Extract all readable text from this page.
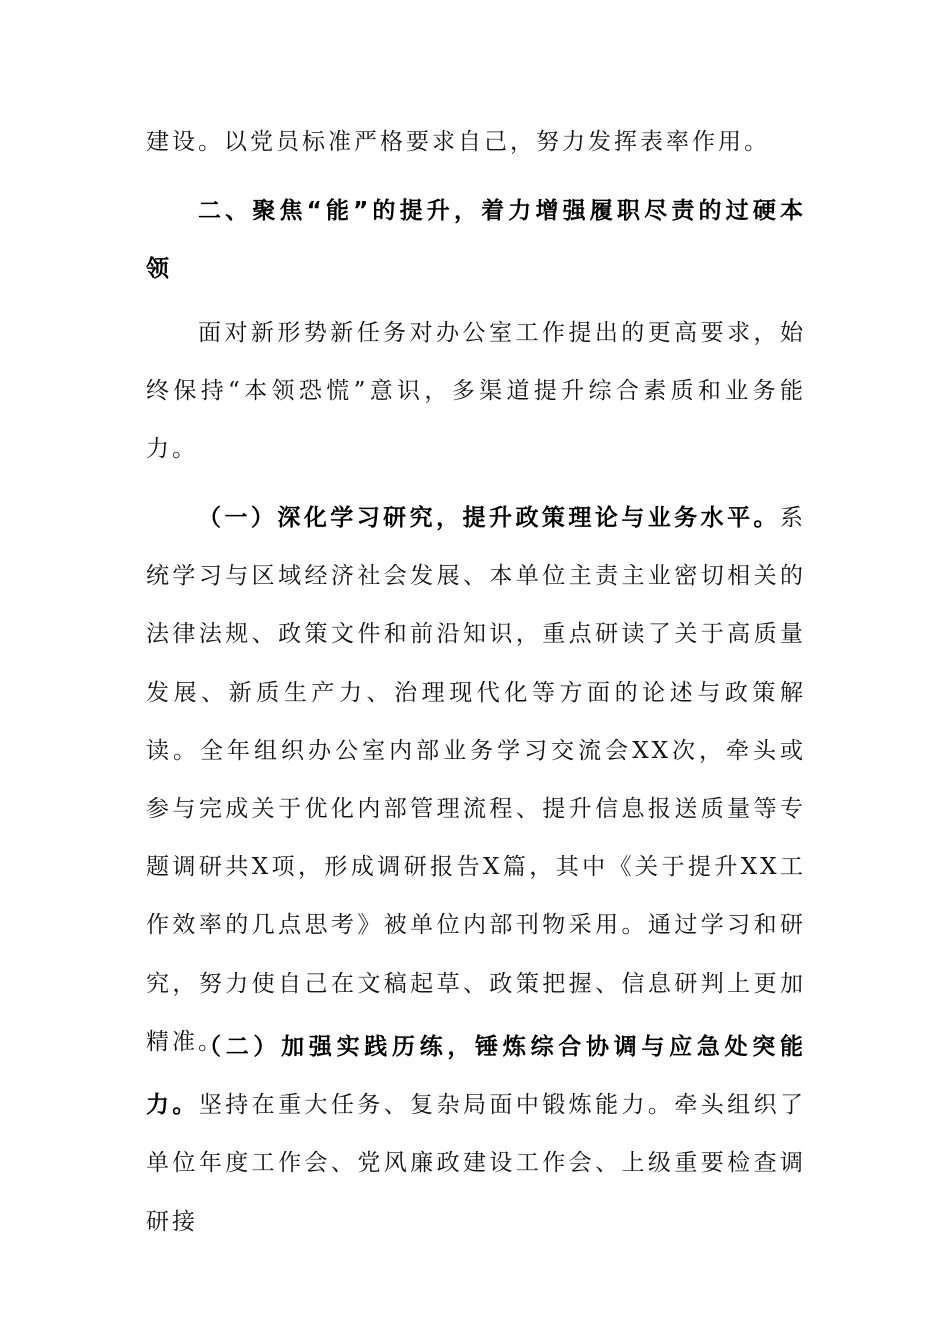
建设。以党员标准严格要求自己，努力发挥表率作用。

二、聚焦“能”的提升，着力增强履职尽责的过硬本领

面对新形势新任务对办公室工作提出的更高要求，始终保持“本领恐慌”意识，多渠道提升综合素质和业务能力。

（一）深化学习研究，提升政策理论与业务水平。系统学习与区域经济社会发展、本单位主责主业密切相关的法律法规、政策文件和前沿知识，重点研读了关于高质量发展、新质生产力、治理现代化等方面的论述与政策解读。全年组织办公室内部业务学习交流会XX次，牵头或参与完成关于优化内部管理流程、提升信息报送质量等专题调研共X项，形成调研报告X篇，其中《关于提升XX工作效率的几点思考》被单位内部刊物采用。通过学习和研究，努力使自己在文稿起草、政策把握、信息研判上更加精准。

（二）加强实践历练，锤炼综合协调与应急处突能力。坚持在重大任务、复杂局面中锻炼能力。牵头组织了单位年度工作会、党风廉政建设工作会、上级重要检查调研接
